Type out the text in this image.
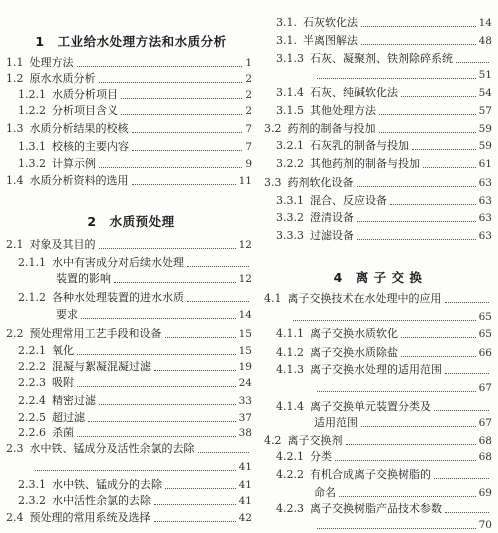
1　工业给水处理方法和水质分析
1.1 处理方法	1
1.2 原水水质分析	2
1.2.1 水质分析项目	2
1.2.2 分析项目含义	2
1.3 水质分析结果的校核	7
1.3.1 校核的主要内容	7
1.3.2 计算示例	9
1.4 水质分析资料的选用	11
2　水质预处理
2.1 对象及其目的	12
2.1.1 水中有害成分对后续水处理
装置的影响	12
2.1.2 各种水处理装置的进水水质
要求	14
2.2 预处理常用工艺手段和设备	15
2.2.1 氧化	15
2.2.2 混凝与絮凝混凝过滤	19
2.2.3 吸附	24
2.2.4 精密过滤	33
2.2.5 超过滤	37
2.2.6 杀菌	38
2.3 水中铁、锰成分及活性余氯的去除
41
2.3.1 水中铁、锰成分的去除	41
2.3.2 水中活性余氯的去除	41
2.4 预处理的常用系统及选择	42
3.1. 石灰软化法	14
3.1. 半离图解法	48
3.1.3 石灰、凝聚剂、铁剂除碎系统
51
3.1.4 石灰、纯碱软化法	54
3.1.5 其他处理方法	57
3.2 药剂的制备与投加	59
3.2.1 石灰乳的制备与投加	59
3.2.2 其他药剂的制备与投加	61
3.3 药剂软化设备	63
3.3.1 混合、反应设备	63
3.3.2 澄清设备	63
3.3.3 过滤设备	63
4　离 子 交 换
4.1 离子交换技术在水处理中的应用
65
4.1.1 离子交换水质软化	65
4.1.2 离子交换水质除盐	66
4.1.3 离子交换水处理的适用范围
67
4.1.4 离子交换单元装置分类及
适用范围	67
4.2 离子交换剂	68
4.2.1 分类	68
4.2.2 有机合成离子交换树脂的
命名	69
4.2.3 离子交换树脂产品技术参数
70
